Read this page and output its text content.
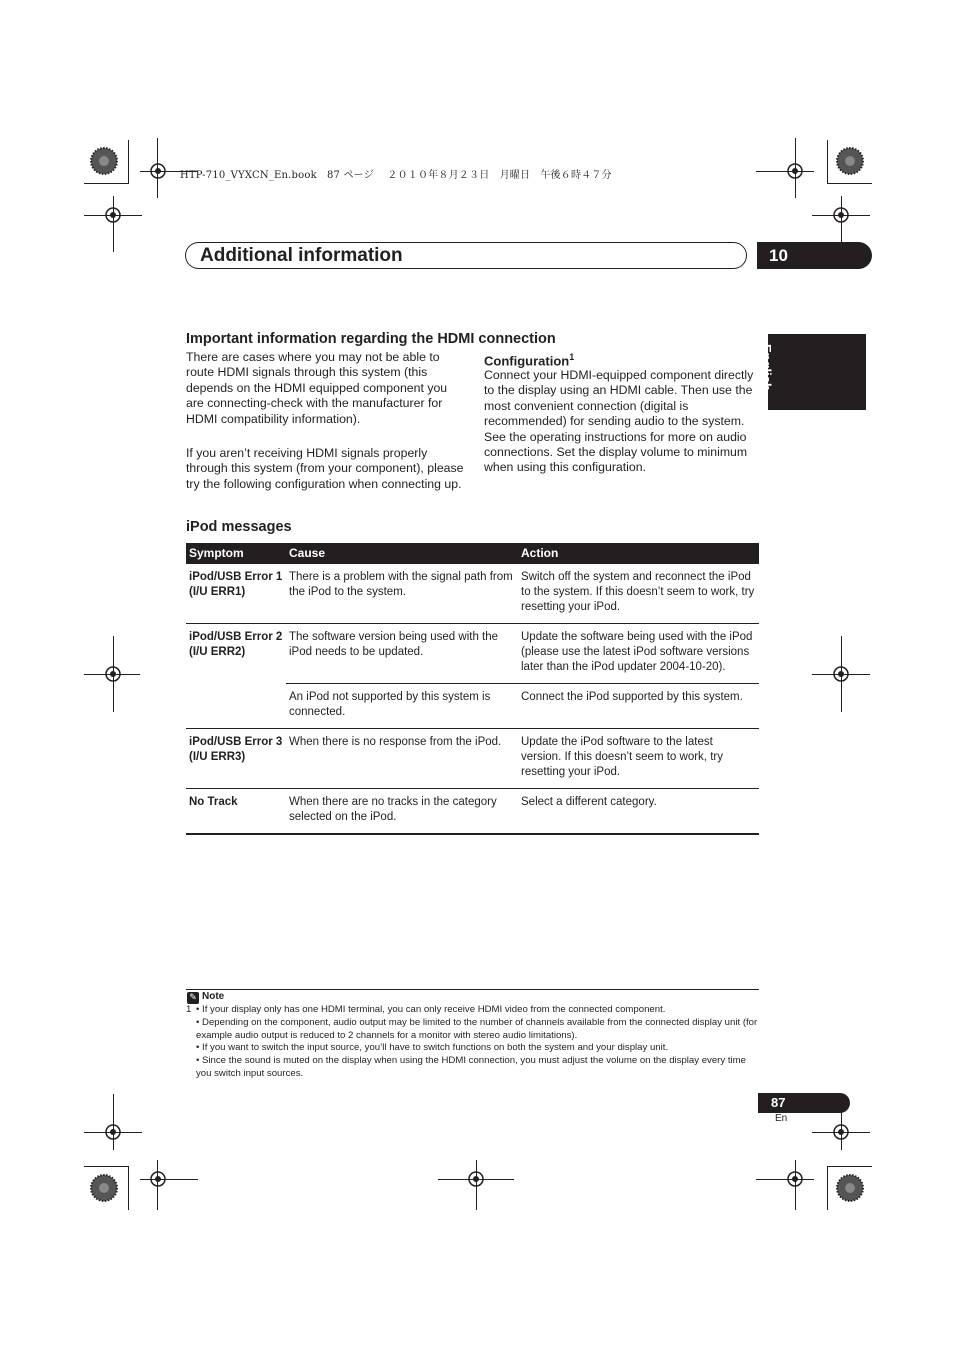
HTP-710_VYXCN_En.book 87 ページ ２０１０年８月２３日　月曜日　午後６時４７分
Additional information	10
English
Important information regarding the HDMI connection
There are cases where you may not be able to route HDMI signals through this system (this depends on the HDMI equipped component you are connecting-check with the manufacturer for HDMI compatibility information).
If you aren’t receiving HDMI signals properly through this system (from your component), please try the following configuration when connecting up.
Configuration$^1$
Connect your HDMI-equipped component directly to the display using an HDMI cable. Then use the most convenient connection (digital is recommended) for sending audio to the system. See the operating instructions for more on audio connections. Set the display volume to minimum when using this configuration.
iPod messages
Symptom	Cause	Action
iPod/USB Error 1 (I/U ERR1)	There is a problem with the signal path from the iPod to the system.	Switch off the system and reconnect the iPod to the system. If this doesn’t seem to work, try resetting your iPod.
iPod/USB Error 2 (I/U ERR2)	The software version being used with the iPod needs to be updated.	Update the software being used with the iPod (please use the latest iPod software versions later than the iPod updater 2004-10-20).
	An iPod not supported by this system is connected.	Connect the iPod supported by this system.
iPod/USB Error 3 (I/U ERR3)	When there is no response from the iPod.	Update the iPod software to the latest version. If this doesn’t seem to work, try resetting your iPod.
No Track	When there are no tracks in the category selected on the iPod.	Select a different category.
✎ Note
1 • If your display only has one HDMI terminal, you can only receive HDMI video from the connected component.
• Depending on the component, audio output may be limited to the number of channels available from the connected display unit (for example audio output is reduced to 2 channels for a monitor with stereo audio limitations).
• If you want to switch the input source, you’ll have to switch functions on both the system and your display unit.
• Since the sound is muted on the display when using the HDMI connection, you must adjust the volume on the display every time you switch input sources.
87
En
